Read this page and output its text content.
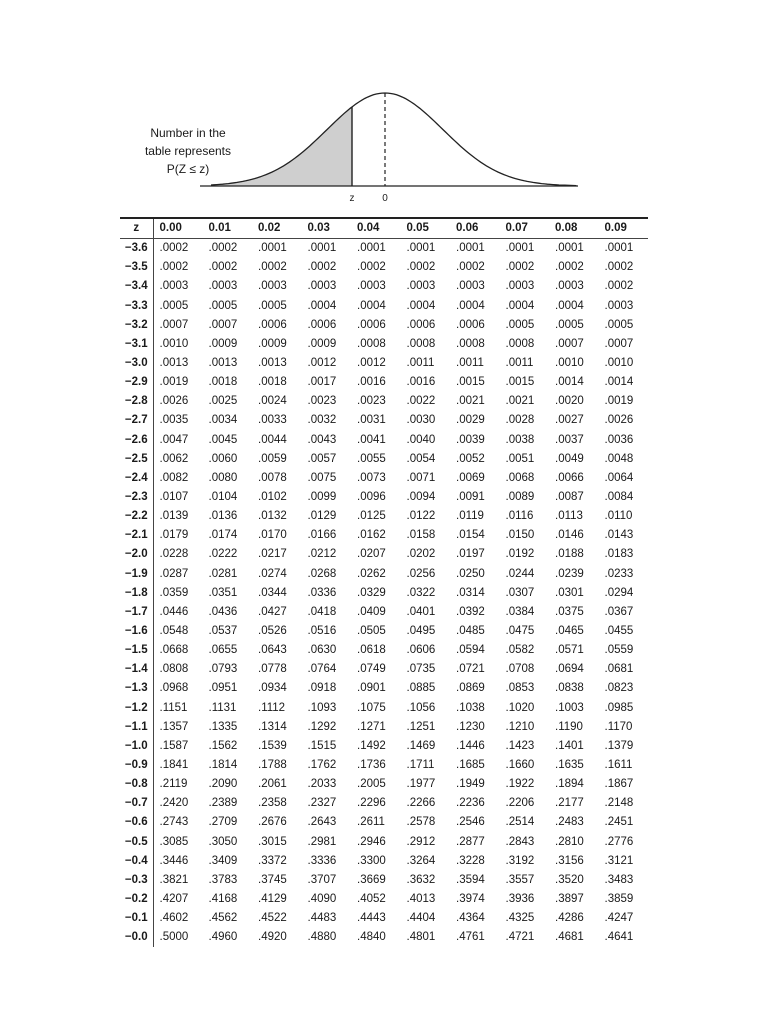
z	0
Number in the
table represents
P(Z ≤ z)
z	0.00	0.01	0.02	0.03	0.04	0.05	0.06	0.07	0.08	0.09
−3.6	.0002	.0002	.0001	.0001	.0001	.0001	.0001	.0001	.0001	.0001
−3.5	.0002	.0002	.0002	.0002	.0002	.0002	.0002	.0002	.0002	.0002
−3.4	.0003	.0003	.0003	.0003	.0003	.0003	.0003	.0003	.0003	.0002
−3.3	.0005	.0005	.0005	.0004	.0004	.0004	.0004	.0004	.0004	.0003
−3.2	.0007	.0007	.0006	.0006	.0006	.0006	.0006	.0005	.0005	.0005
−3.1	.0010	.0009	.0009	.0009	.0008	.0008	.0008	.0008	.0007	.0007
−3.0	.0013	.0013	.0013	.0012	.0012	.0011	.0011	.0011	.0010	.0010
−2.9	.0019	.0018	.0018	.0017	.0016	.0016	.0015	.0015	.0014	.0014
−2.8	.0026	.0025	.0024	.0023	.0023	.0022	.0021	.0021	.0020	.0019
−2.7	.0035	.0034	.0033	.0032	.0031	.0030	.0029	.0028	.0027	.0026
−2.6	.0047	.0045	.0044	.0043	.0041	.0040	.0039	.0038	.0037	.0036
−2.5	.0062	.0060	.0059	.0057	.0055	.0054	.0052	.0051	.0049	.0048
−2.4	.0082	.0080	.0078	.0075	.0073	.0071	.0069	.0068	.0066	.0064
−2.3	.0107	.0104	.0102	.0099	.0096	.0094	.0091	.0089	.0087	.0084
−2.2	.0139	.0136	.0132	.0129	.0125	.0122	.0119	.0116	.0113	.0110
−2.1	.0179	.0174	.0170	.0166	.0162	.0158	.0154	.0150	.0146	.0143
−2.0	.0228	.0222	.0217	.0212	.0207	.0202	.0197	.0192	.0188	.0183
−1.9	.0287	.0281	.0274	.0268	.0262	.0256	.0250	.0244	.0239	.0233
−1.8	.0359	.0351	.0344	.0336	.0329	.0322	.0314	.0307	.0301	.0294
−1.7	.0446	.0436	.0427	.0418	.0409	.0401	.0392	.0384	.0375	.0367
−1.6	.0548	.0537	.0526	.0516	.0505	.0495	.0485	.0475	.0465	.0455
−1.5	.0668	.0655	.0643	.0630	.0618	.0606	.0594	.0582	.0571	.0559
−1.4	.0808	.0793	.0778	.0764	.0749	.0735	.0721	.0708	.0694	.0681
−1.3	.0968	.0951	.0934	.0918	.0901	.0885	.0869	.0853	.0838	.0823
−1.2	.1151	.1131	.1112	.1093	.1075	.1056	.1038	.1020	.1003	.0985
−1.1	.1357	.1335	.1314	.1292	.1271	.1251	.1230	.1210	.1190	.1170
−1.0	.1587	.1562	.1539	.1515	.1492	.1469	.1446	.1423	.1401	.1379
−0.9	.1841	.1814	.1788	.1762	.1736	.1711	.1685	.1660	.1635	.1611
−0.8	.2119	.2090	.2061	.2033	.2005	.1977	.1949	.1922	.1894	.1867
−0.7	.2420	.2389	.2358	.2327	.2296	.2266	.2236	.2206	.2177	.2148
−0.6	.2743	.2709	.2676	.2643	.2611	.2578	.2546	.2514	.2483	.2451
−0.5	.3085	.3050	.3015	.2981	.2946	.2912	.2877	.2843	.2810	.2776
−0.4	.3446	.3409	.3372	.3336	.3300	.3264	.3228	.3192	.3156	.3121
−0.3	.3821	.3783	.3745	.3707	.3669	.3632	.3594	.3557	.3520	.3483
−0.2	.4207	.4168	.4129	.4090	.4052	.4013	.3974	.3936	.3897	.3859
−0.1	.4602	.4562	.4522	.4483	.4443	.4404	.4364	.4325	.4286	.4247
−0.0	.5000	.4960	.4920	.4880	.4840	.4801	.4761	.4721	.4681	.4641
